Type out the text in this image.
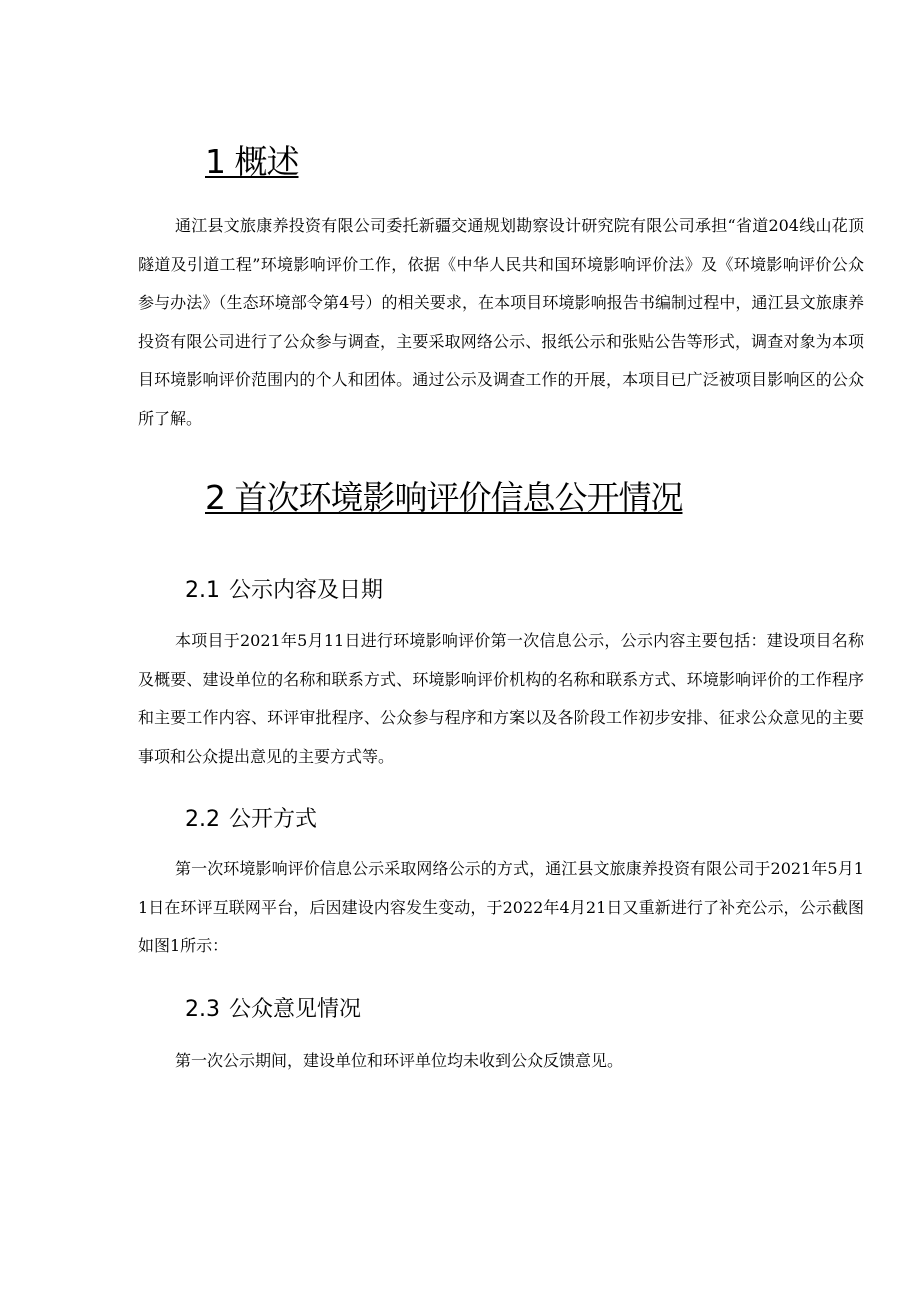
1 概述

通江县文旅康养投资有限公司委托新疆交通规划勘察设计研究院有限公司承担“省道204线山花顶隧道及引道工程”环境影响评价工作，依据《中华人民共和国环境影响评价法》及《环境影响评价公众参与办法》（生态环境部令第4号）的相关要求，在本项目环境影响报告书编制过程中，通江县文旅康养投资有限公司进行了公众参与调查，主要采取网络公示、报纸公示和张贴公告等形式，调查对象为本项目环境影响评价范围内的个人和团体。通过公示及调查工作的开展，本项目已广泛被项目影响区的公众所了解。

2 首次环境影响评价信息公开情况
2.1 公示内容及日期

本项目于2021年5月11日进行环境影响评价第一次信息公示，公示内容主要包括：建设项目名称及概要、建设单位的名称和联系方式、环境影响评价机构的名称和联系方式、环境影响评价的工作程序和主要工作内容、环评审批程序、公众参与程序和方案以及各阶段工作初步安排、征求公众意见的主要事项和公众提出意见的主要方式等。

2.2 公开方式

第一次环境影响评价信息公示采取网络公示的方式，通江县文旅康养投资有限公司于2021年5月11日在环评互联网平台，后因建设内容发生变动，于2022年4月21日又重新进行了补充公示，公示截图如图1所示：

2.3 公众意见情况

第一次公示期间，建设单位和环评单位均未收到公众反馈意见。
